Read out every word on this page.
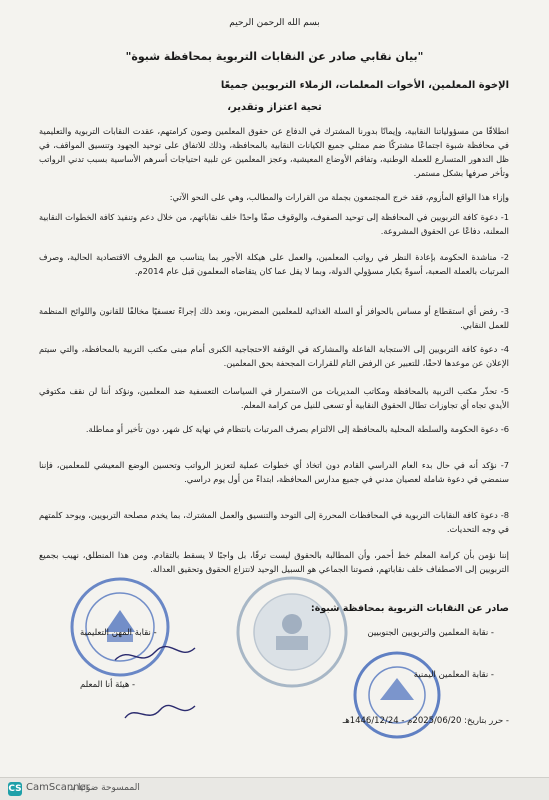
بسم الله الرحمن الرحيم
"بيان نقابي صادر عن النقابات التربوية بمحافظة شبوة"
الإخوة المعلمين، الأخوات المعلمات، الزملاء التربويين جميعًا
تحية اعتزاز وتقدير،
انطلاقًا من مسؤولياتنا النقابية، وإيمانًا بدورنا المشترك في الدفاع عن حقوق المعلمين وصون كرامتهم، عقدت النقابات التربوية والتعليمية في محافظة شبوة اجتماعًا مشتركًا ضم ممثلي جميع الكيانات النقابية بالمحافظة، وذلك للاتفاق على توحيد الجهود وتنسيق المواقف، في ظل التدهور المتسارع للعملة الوطنية، وتفاقم الأوضاع المعيشية، وعجز المعلمين عن تلبية احتياجات أسرهم الأساسية بسبب تدني الرواتب وتأخر صرفها بشكل مستمر.
وإزاء هذا الواقع المأزوم، فقد خرج المجتمعون بجملة من القرارات والمطالب، وهي على النحو الآتي:
1- دعوة كافة التربويين في المحافظة إلى توحيد الصفوف، والوقوف صفًا واحدًا خلف نقاباتهم، من خلال دعم وتنفيذ كافة الخطوات النقابية المعلنة، دفاعًا عن الحقوق المشروعة.
2- مناشدة الحكومة بإعادة النظر في رواتب المعلمين، والعمل على هيكلة الأجور بما يتناسب مع الظروف الاقتصادية الحالية، وصرف المرتبات بالعملة الصعبة، أسوةً بكبار مسؤولي الدولة، وبما لا يقل عما كان يتقاضاه المعلمون قبل عام 2014م.
3- رفض أي استقطاع أو مساس بالحوافز أو السلة الغذائية للمعلمين المضربين، ونعد ذلك إجراءً تعسفيًا مخالفًا للقانون واللوائح المنظمة للعمل النقابي.
4- دعوة كافة التربويين إلى الاستجابة الفاعلة والمشاركة في الوقفة الاحتجاجية الكبرى أمام مبنى مكتب التربية بالمحافظة، والتي سيتم الإعلان عن موعدها لاحقًا، للتعبير عن الرفض التام للقرارات المجحفة بحق المعلمين.
5- تحذّر مكتب التربية بالمحافظة ومكاتب المديريات من الاستمرار في السياسات التعسفية ضد المعلمين، ونؤكد أننا لن نقف مكتوفي الأيدي تجاه أي تجاوزات تطال الحقوق النقابية أو تسعى للنيل من كرامة المعلم.
6- دعوة الحكومة والسلطة المحلية بالمحافظة إلى الالتزام بصرف المرتبات بانتظام في نهاية كل شهر، دون تأخير أو مماطلة.
7- نؤكد أنه في حال بدء العام الدراسي القادم دون اتخاذ أي خطوات عملية لتعزيز الرواتب وتحسين الوضع المعيشي للمعلمين، فإننا سنمضي في دعوة شاملة لعصيان مدني في جميع مدارس المحافظة، ابتداءً من أول يوم دراسي.
8- دعوة كافة النقابات التربوية في المحافظات المحررة إلى التوحد والتنسيق والعمل المشترك، بما يخدم مصلحة التربويين، ويوحد كلمتهم في وجه التحديات.
إننا نؤمن بأن كرامة المعلم خط أحمر، وأن المطالبة بالحقوق ليست ترفًا، بل واجبًا لا يسقط بالتقادم. ومن هذا المنطلق، نهيب بجميع التربويين إلى الاصطفاف خلف نقاباتهم، فصوتنا الجماعي هو السبيل الوحيد لانتزاع الحقوق وتحقيق العدالة.
صادر عن النقابات التربوية بمحافظة شبوة:
- نقابة المعلمين والتربويين الجنوبيين
- نقابة المعلمين اليمنية
- نقابة المهن التعليمية
- هيئة أنا المعلم
- حرر بتاريخ: 2025/06/20م - 1446/12/24هـ
CS CamScanner
الممسوحة ضوئيا بـ
